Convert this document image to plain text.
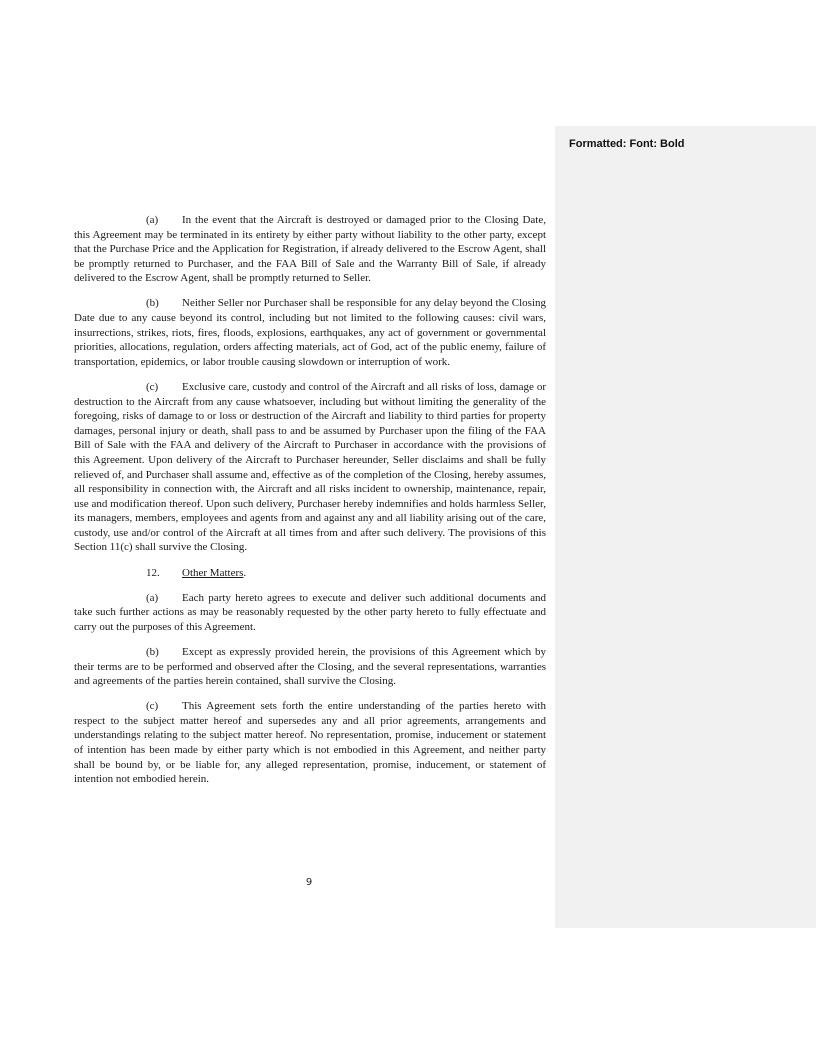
Formatted: Font: Bold

(a) In the event that the Aircraft is destroyed or damaged prior to the Closing Date, this Agreement may be terminated in its entirety by either party without liability to the other party, except that the Purchase Price and the Application for Registration, if already delivered to the Escrow Agent, shall be promptly returned to Purchaser, and the FAA Bill of Sale and the Warranty Bill of Sale, if already delivered to the Escrow Agent, shall be promptly returned to Seller.

(b) Neither Seller nor Purchaser shall be responsible for any delay beyond the Closing Date due to any cause beyond its control, including but not limited to the following causes: civil wars, insurrections, strikes, riots, fires, floods, explosions, earthquakes, any act of government or governmental priorities, allocations, regulation, orders affecting materials, act of God, act of the public enemy, failure of transportation, epidemics, or labor trouble causing slowdown or interruption of work.

(c) Exclusive care, custody and control of the Aircraft and all risks of loss, damage or destruction to the Aircraft from any cause whatsoever, including but without limiting the generality of the foregoing, risks of damage to or loss or destruction of the Aircraft and liability to third parties for property damages, personal injury or death, shall pass to and be assumed by Purchaser upon the filing of the FAA Bill of Sale with the FAA and delivery of the Aircraft to Purchaser in accordance with the provisions of this Agreement. Upon delivery of the Aircraft to Purchaser hereunder, Seller disclaims and shall be fully relieved of, and Purchaser shall assume and, effective as of the completion of the Closing, hereby assumes, all responsibility in connection with, the Aircraft and all risks incident to ownership, maintenance, repair, use and modification thereof. Upon such delivery, Purchaser hereby indemnifies and holds harmless Seller, its managers, members, employees and agents from and against any and all liability arising out of the care, custody, use and/or control of the Aircraft at all times from and after such delivery. The provisions of this Section 11(c) shall survive the Closing.

12. Other Matters.

(a) Each party hereto agrees to execute and deliver such additional documents and take such further actions as may be reasonably requested by the other party hereto to fully effectuate and carry out the purposes of this Agreement.

(b) Except as expressly provided herein, the provisions of this Agreement which by their terms are to be performed and observed after the Closing, and the several representations, warranties and agreements of the parties herein contained, shall survive the Closing.

(c) This Agreement sets forth the entire understanding of the parties hereto with respect to the subject matter hereof and supersedes any and all prior agreements, arrangements and understandings relating to the subject matter hereof. No representation, promise, inducement or statement of intention has been made by either party which is not embodied in this Agreement, and neither party shall be bound by, or be liable for, any alleged representation, promise, inducement, or statement of intention not embodied herein.

9
